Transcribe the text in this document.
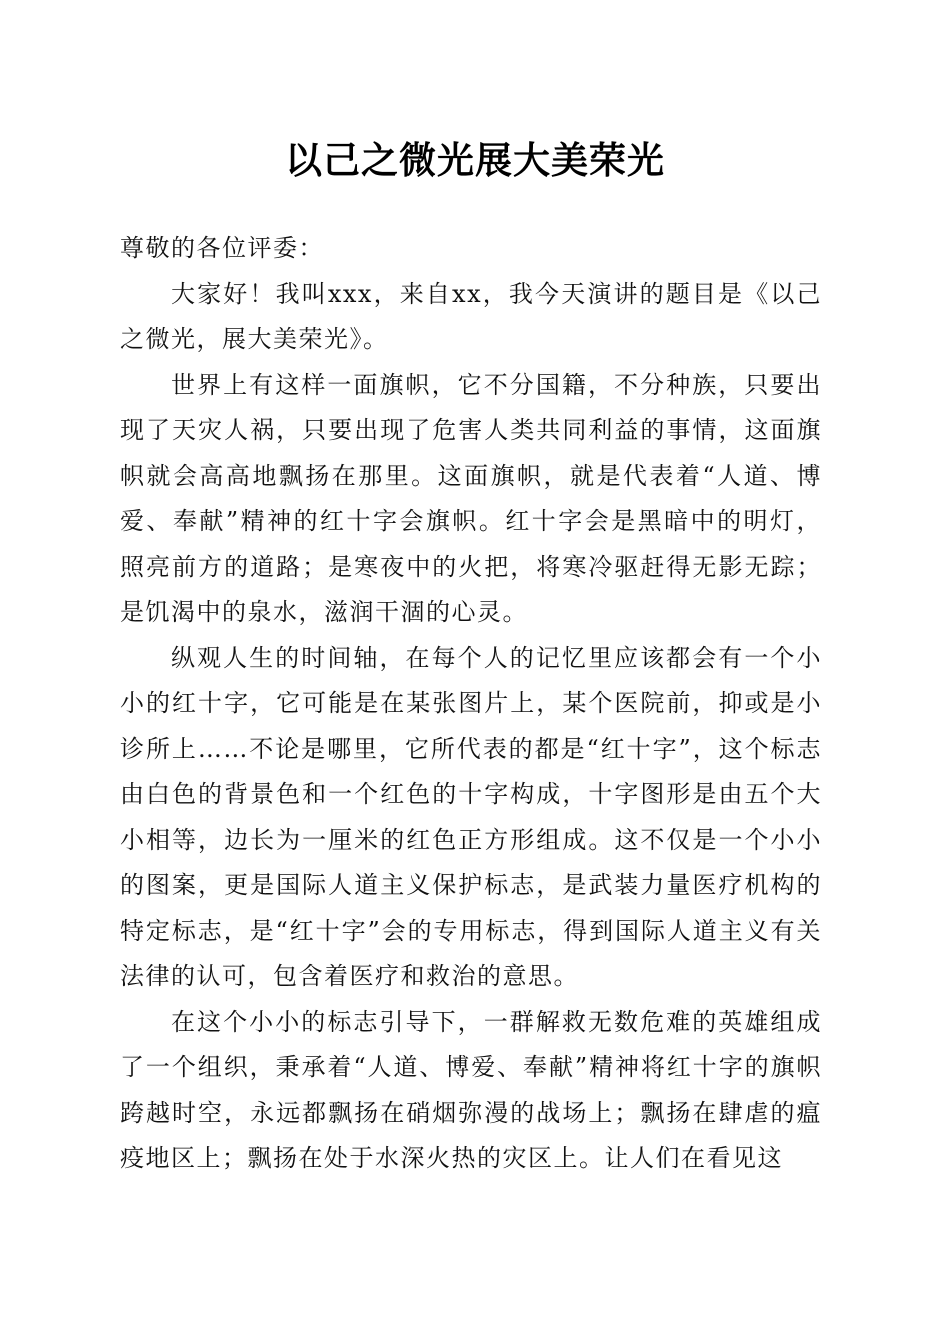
以己之微光展大美荣光

尊敬的各位评委：

大家好！我叫xxx，来自xx，我今天演讲的题目是《以己之微光，展大美荣光》。

世界上有这样一面旗帜，它不分国籍，不分种族，只要出现了天灾人祸，只要出现了危害人类共同利益的事情，这面旗帜就会高高地飘扬在那里。这面旗帜，就是代表着“人道、博爱、奉献”精神的红十字会旗帜。红十字会是黑暗中的明灯，照亮前方的道路；是寒夜中的火把，将寒冷驱赶得无影无踪；是饥渴中的泉水，滋润干涸的心灵。

纵观人生的时间轴，在每个人的记忆里应该都会有一个小小的红十字，它可能是在某张图片上，某个医院前，抑或是小诊所上……不论是哪里，它所代表的都是“红十字”，这个标志由白色的背景色和一个红色的十字构成，十字图形是由五个大小相等，边长为一厘米的红色正方形组成。这不仅是一个小小的图案，更是国际人道主义保护标志，是武装力量医疗机构的特定标志，是“红十字”会的专用标志，得到国际人道主义有关法律的认可，包含着医疗和救治的意思。

在这个小小的标志引导下，一群解救无数危难的英雄组成了一个组织，秉承着“人道、博爱、奉献”精神将红十字的旗帜跨越时空，永远都飘扬在硝烟弥漫的战场上；飘扬在肆虐的瘟疫地区上；飘扬在处于水深火热的灾区上。让人们在看见这
